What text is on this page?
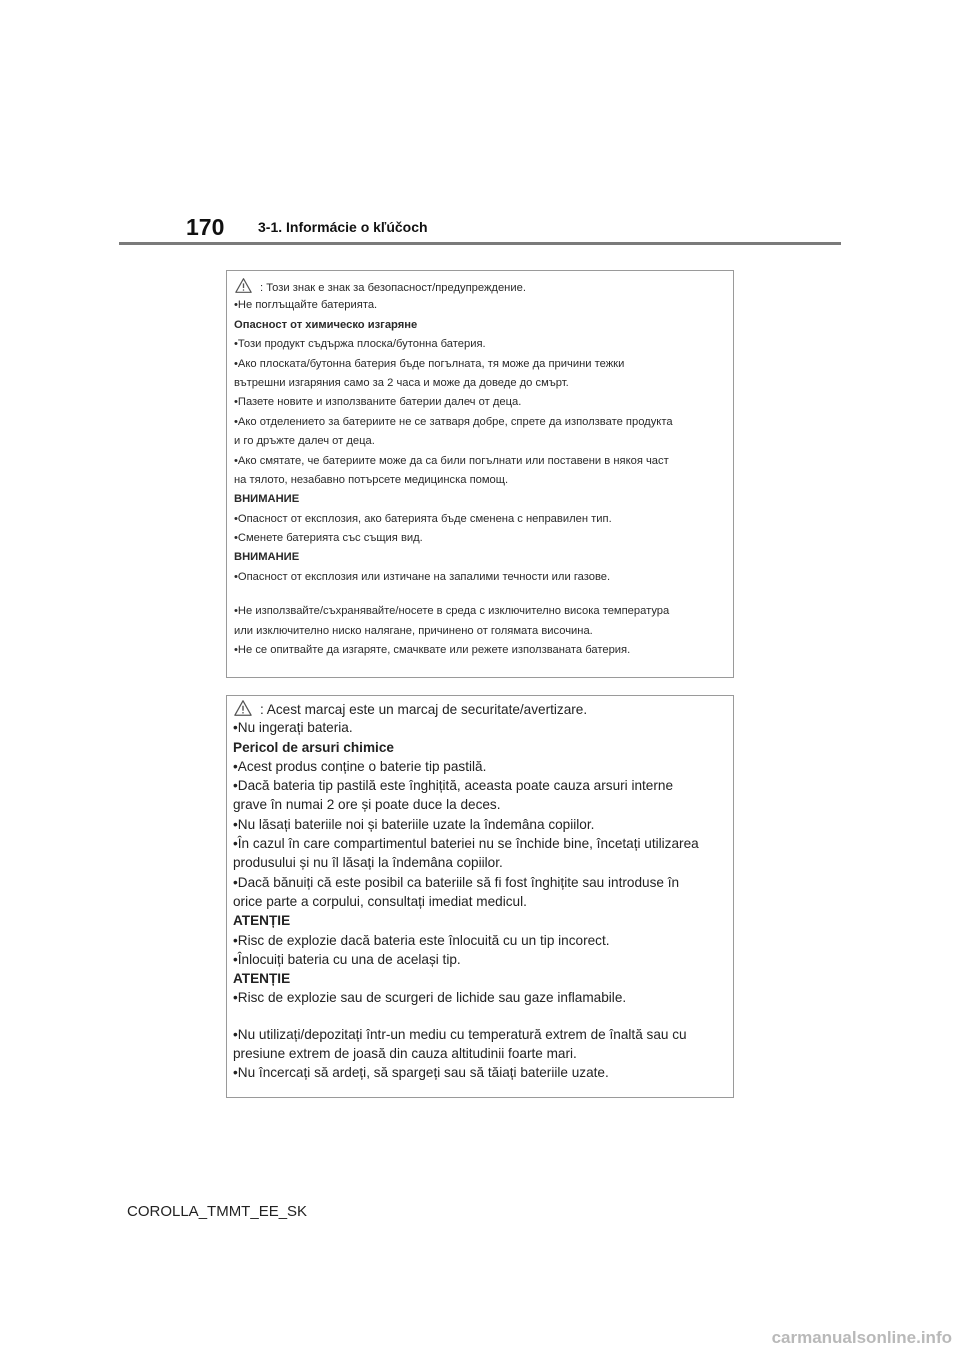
170 3-1. Informácie o kľúčoch
: Този знак е знак за безопасност/предупреждение.
•Не поглъщайте батерията.
Опасност от химическо изгаряне
•Този продукт съдържа плоска/бутонна батерия.
•Ако плоската/бутонна батерия бъде погълната, тя може да причини тежки
вътрешни изгаряния само за 2 часа и може да доведе до смърт.
•Пазете новите и използваните батерии далеч от деца.
•Ако отделението за батериите не се затваря добре, спрете да използвате продукта
и го дръжте далеч от деца.
•Ако смятате, че батериите може да са били погълнати или поставени в някоя част
на тялото, незабавно потърсете медицинска помощ.
ВНИМАНИЕ
•Опасност от експлозия, ако батерията бъде сменена с неправилен тип.
•Сменете батерията със същия вид.
ВНИМАНИЕ
•Опасност от експлозия или изтичане на запалими течности или газове.
•Не използвайте/съхранявайте/носете в среда с изключително висока температура
или изключително ниско налягане, причинено от голямата височина.
•Не се опитвайте да изгаряте, смачквате или режете използваната батерия.
: Acest marcaj este un marcaj de securitate/avertizare.
•Nu ingerați bateria.
Pericol de arsuri chimice
•Acest produs conține o baterie tip pastilă.
•Dacă bateria tip pastilă este înghițită, aceasta poate cauza arsuri interne
grave în numai 2 ore și poate duce la deces.
•Nu lăsați bateriile noi și bateriile uzate la îndemâna copiilor.
•În cazul în care compartimentul bateriei nu se închide bine, încetați utilizarea
produsului și nu îl lăsați la îndemâna copiilor.
•Dacă bănuiți că este posibil ca bateriile să fi fost înghițite sau introduse în
orice parte a corpului, consultați imediat medicul.
ATENȚIE
•Risc de explozie dacă bateria este înlocuită cu un tip incorect.
•Înlocuiți bateria cu una de același tip.
ATENȚIE
•Risc de explozie sau de scurgeri de lichide sau gaze inflamabile.
•Nu utilizați/depozitați într-un mediu cu temperatură extrem de înaltă sau cu
presiune extrem de joasă din cauza altitudinii foarte mari.
•Nu încercați să ardeți, să spargeți sau să tăiați bateriile uzate.
COROLLA_TMMT_EE_SK
carmanualsonline.info
